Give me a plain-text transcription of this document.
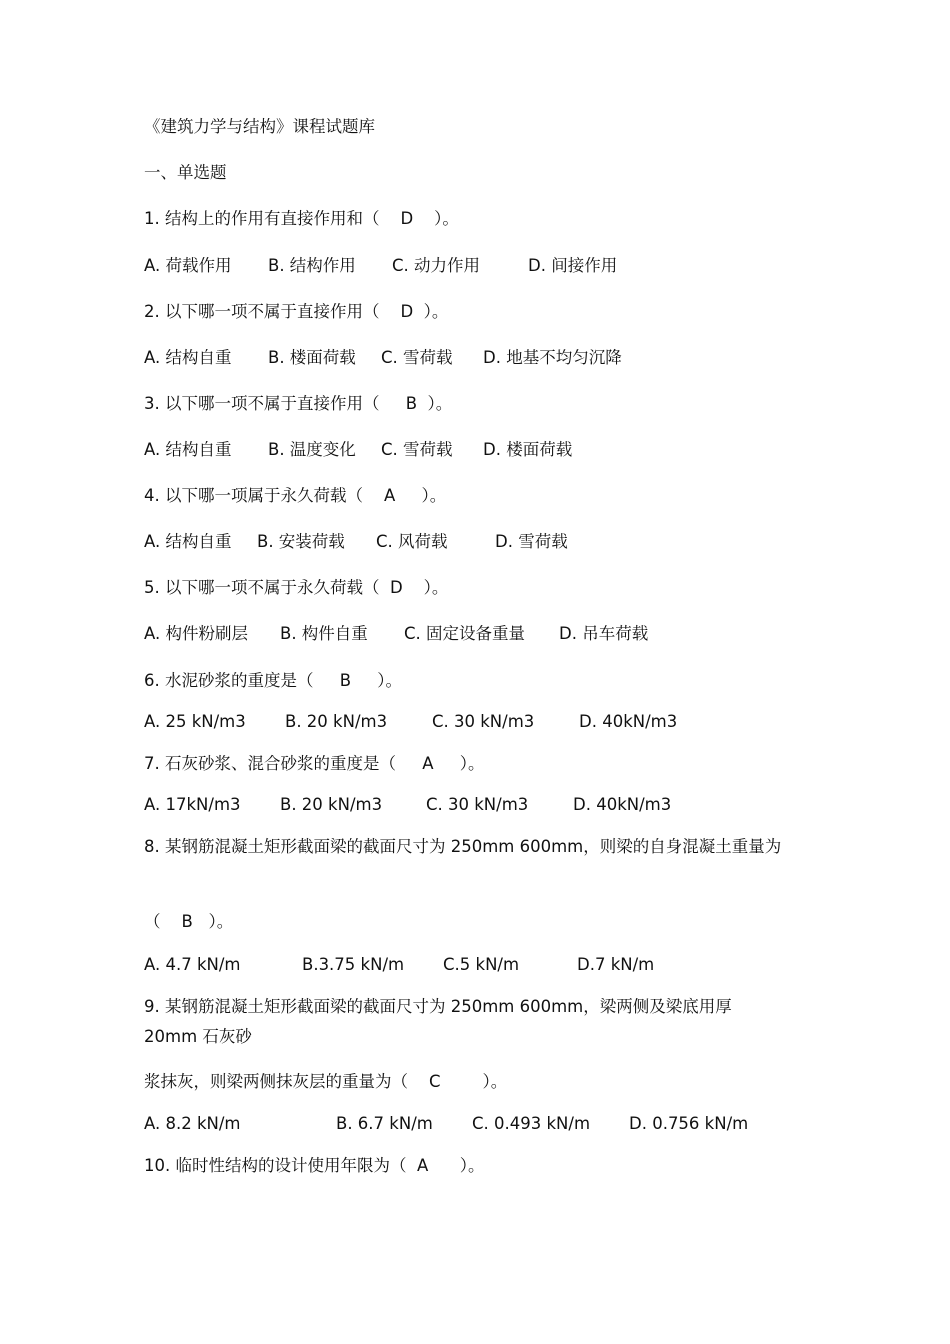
《建筑力学与结构》课程试题库
一、单选题
1. 结构上的作用有直接作用和（    D    ）。
A. 荷载作用 B. 结构作用 C. 动力作用	D. 间接作用
2. 以下哪一项不属于直接作用（    D  ）。
A. 结构自重 B. 楼面荷载 C. 雪荷载 D. 地基不均匀沉降
3. 以下哪一项不属于直接作用（     B  ）。
A. 结构自重 B. 温度变化 C. 雪荷载 D. 楼面荷载
4. 以下哪一项属于永久荷载（    A     ）。
A. 结构自重 B. 安装荷载 C. 风荷载	D. 雪荷载
5. 以下哪一项不属于永久荷载（  D    ）。
A. 构件粉刷层 B. 构件自重 C. 固定设备重量 D. 吊车荷载
6. 水泥砂浆的重度是（     B     ）。
A. 25 kN/m3 B. 20 kN/m3	C. 30 kN/m3	D. 40kN/m3
7. 石灰砂浆、混合砂浆的重度是（     A     ）。
A. 17kN/m3 B. 20 kN/m3	C. 30 kN/m3	D. 40kN/m3
8. 某钢筋混凝土矩形截面梁的截面尺寸为 250mm 600mm，则梁的自身混凝土重量为
（    B   ）。
A. 4.7 kN/m	B.3.75 kN/m C.5 kN/m	D.7 kN/m
9. 某钢筋混凝土矩形截面梁的截面尺寸为 250mm 600mm，梁两侧及梁底用厚 20mm 石灰砂
浆抹灰，则梁两侧抹灰层的重量为（    C        ）。
A. 8.2 kN/m	B. 6.7 kN/m C. 0.493 kN/m D. 0.756 kN/m
10. 临时性结构的设计使用年限为（  A      ）。
